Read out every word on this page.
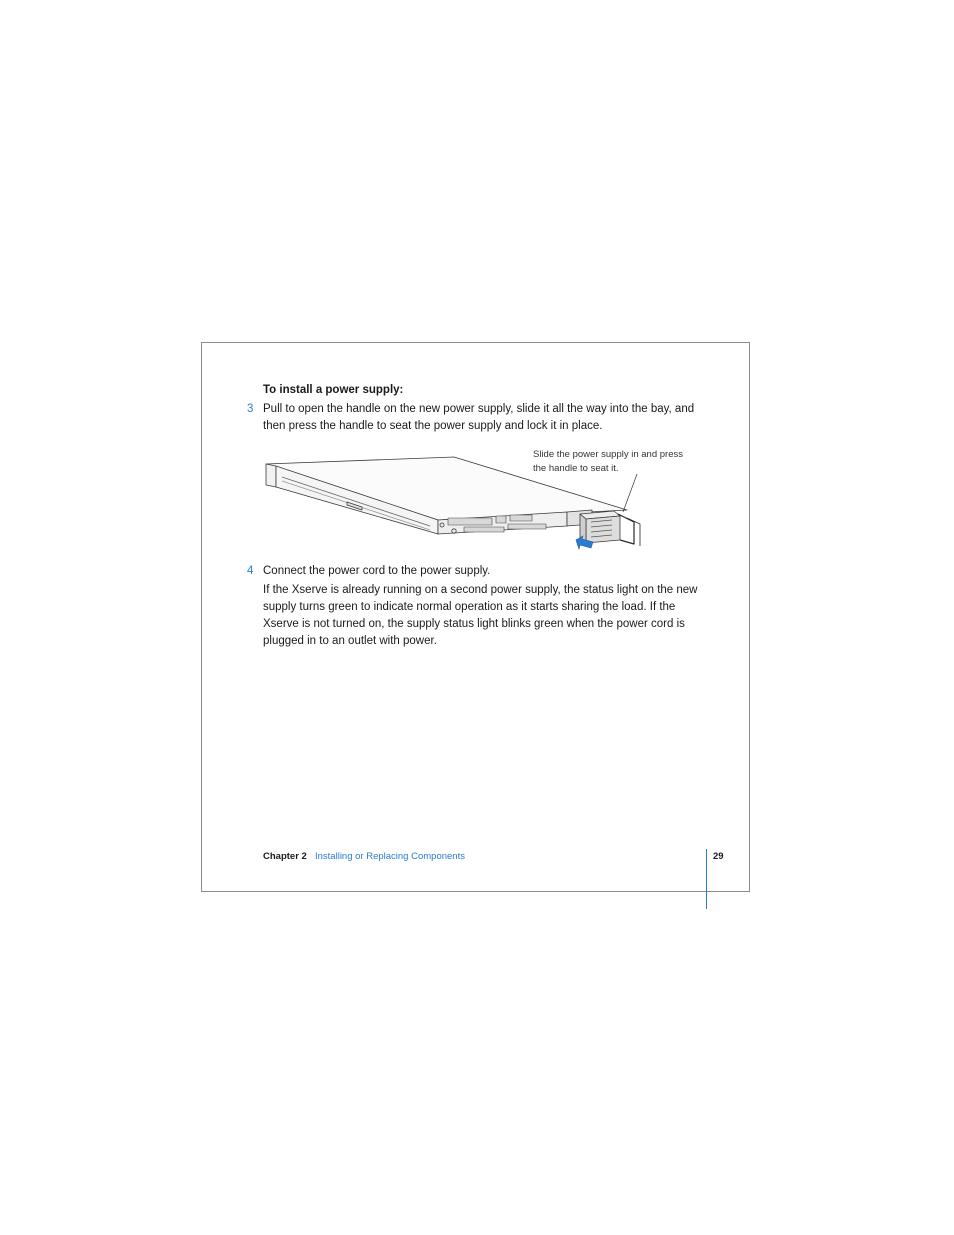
To install a power supply:
3 Pull to open the handle on the new power supply, slide it all the way into the bay, and then press the handle to seat the power supply and lock it in place.
Slide the power supply in and press the handle to seat it.
4 Connect the power cord to the power supply.
If the Xserve is already running on a second power supply, the status light on the new supply turns green to indicate normal operation as it starts sharing the load. If the Xserve is not turned on, the supply status light blinks green when the power cord is plugged in to an outlet with power.
Chapter 2 Installing or Replacing Components	29
